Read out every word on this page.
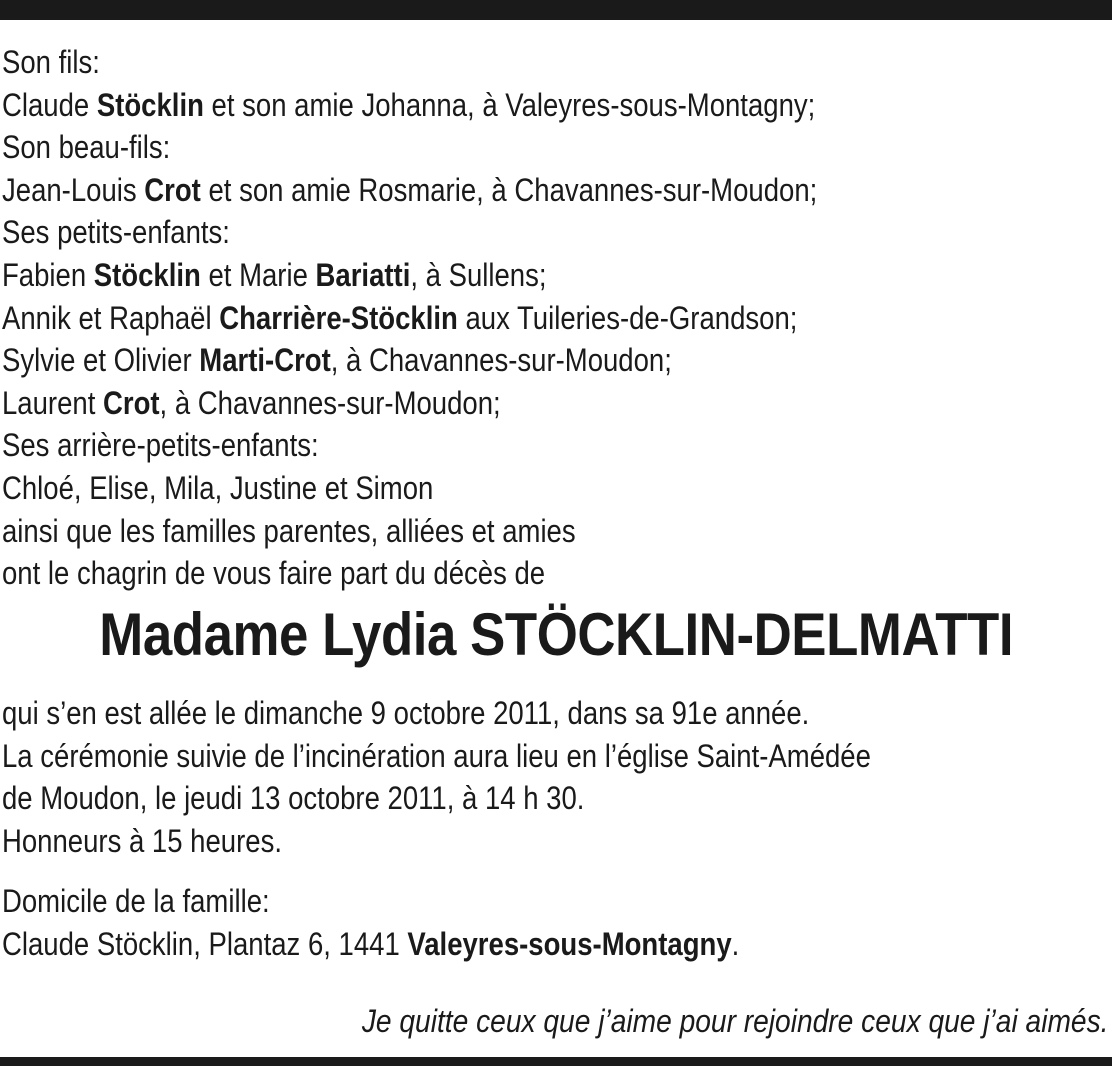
Son fils:
Claude Stöcklin et son amie Johanna, à Valeyres-sous-Montagny;
Son beau-fils:
Jean-Louis Crot et son amie Rosmarie, à Chavannes-sur-Moudon;
Ses petits-enfants:
Fabien Stöcklin et Marie Bariatti, à Sullens;
Annik et Raphaël Charrière-Stöcklin aux Tuileries-de-Grandson;
Sylvie et Olivier Marti-Crot, à Chavannes-sur-Moudon;
Laurent Crot, à Chavannes-sur-Moudon;
Ses arrière-petits-enfants:
Chloé, Elise, Mila, Justine et Simon
ainsi que les familles parentes, alliées et amies
ont le chagrin de vous faire part du décès de
Madame Lydia STÖCKLIN-DELMATTI
qui s’en est allée le dimanche 9 octobre 2011, dans sa 91e année.
La cérémonie suivie de l’incinération aura lieu en l’église Saint-Amédée
de Moudon, le jeudi 13 octobre 2011, à 14 h 30.
Honneurs à 15 heures.
Domicile de la famille:
Claude Stöcklin, Plantaz 6, 1441 Valeyres-sous-Montagny.
Je quitte ceux que j’aime pour rejoindre ceux que j’ai aimés.
